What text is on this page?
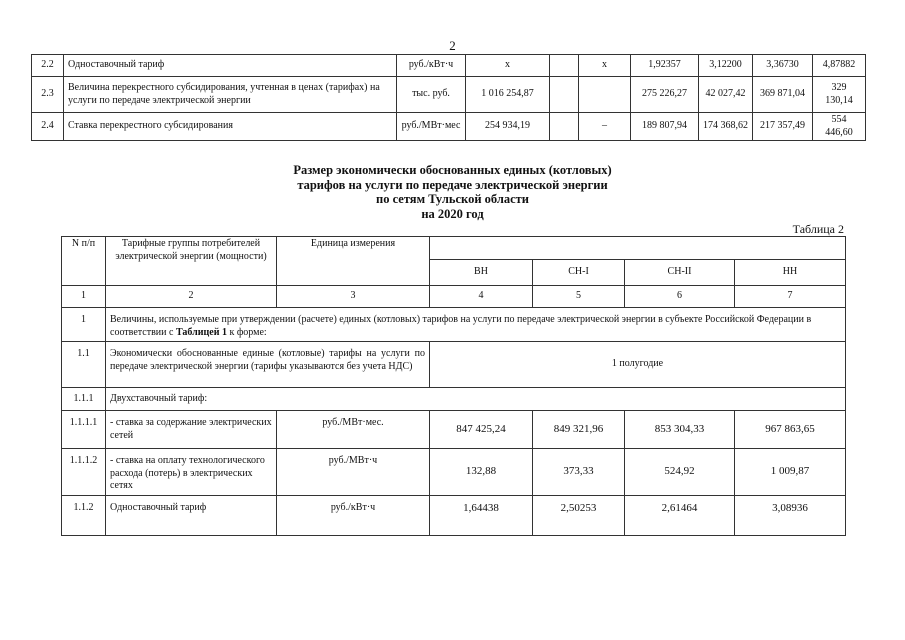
2
2.2	Одноставочный тариф	руб./кВт·ч	х		х	1,92357	3,12200	3,36730	4,87882
2.3	Величина перекрестного субсидирования, учтенная в ценах (тарифах) на услуги по передаче электрической энергии	тыс. руб.	1 016 254,87			275 226,27	42 027,42	369 871,04	329 130,14
2.4	Ставка перекрестного субсидирования	руб./МВт·мес	254 934,19		–	189 807,94	174 368,62	217 357,49	554 446,60
Размер экономически обоснованных единых (котловых)
тарифов на услуги по передаче электрической энергии
по сетям Тульской области
на 2020 год
Таблица 2
N п/п	Тарифные группы потребителей электрической энергии (мощности)	Единица измерения				
			ВН	СН-I	СН-II	НН
1	2	3	4	5	6	7
1	Величины, используемые при утверждении (расчете) единых (котловых) тарифов на услуги по передаче электрической энергии в субъекте Российской Федерации в соответствии с Таблицей 1 к форме:					
1.1	Экономически обоснованные единые (котловые) тарифы на услуги по передаче электрической энергии (тарифы указываются без учета НДС)		1 полугодие			
1.1.1	Двухставочный тариф:					
1.1.1.1	- ставка за содержание электрических сетей	руб./МВт·мес.	847 425,24	849 321,96	853 304,33	967 863,65
1.1.1.2	- ставка на оплату технологического расхода (потерь) в электрических сетях	руб./МВт·ч	132,88	373,33	524,92	1 009,87
1.1.2	Одноставочный тариф	руб./кВт·ч	1,64438	2,50253	2,61464	3,08936
